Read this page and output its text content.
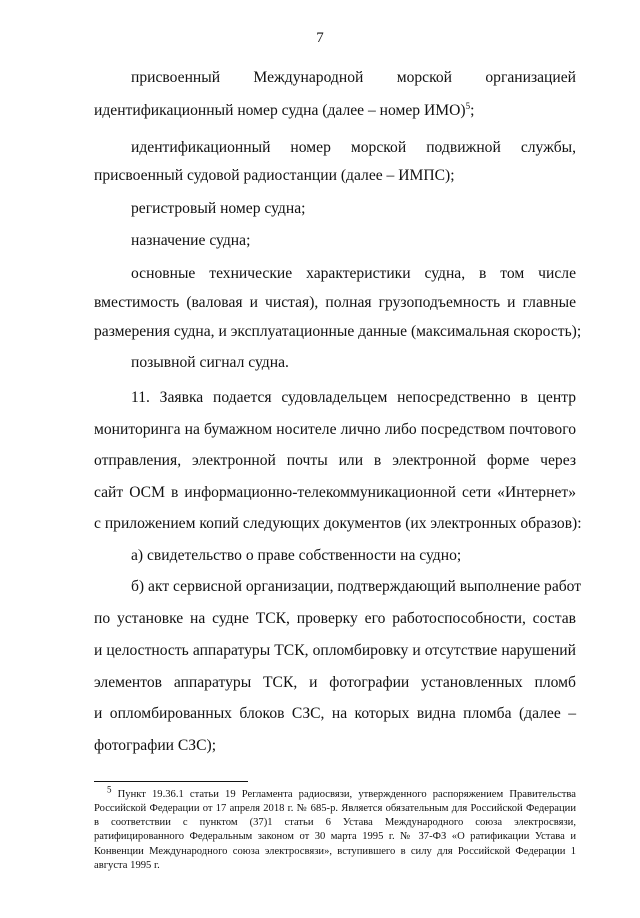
7
присвоенный Международной морской организацией
идентификационный номер судна (далее – номер ИМО)$^5$;
идентификационный номер морской подвижной службы,
присвоенный судовой радиостанции (далее – ИМПС);
регистровый номер судна;
назначение судна;
основные технические характеристики судна, в том числе
вместимость (валовая и чистая), полная грузоподъемность и главные
размерения судна, и эксплуатационные данные (максимальная скорость);
позывной сигнал судна.
11. Заявка подается судовладельцем непосредственно в центр
мониторинга на бумажном носителе лично либо посредством почтового
отправления, электронной почты или в электронной форме через
сайт ОСМ в информационно-телекоммуникационной сети «Интернет»
с приложением копий следующих документов (их электронных образов):
а) свидетельство о праве собственности на судно;
б) акт сервисной организации, подтверждающий выполнение работ
по установке на судне ТСК, проверку его работоспособности, состав
и целостность аппаратуры ТСК, опломбировку и отсутствие нарушений
элементов аппаратуры ТСК, и фотографии установленных пломб
и опломбированных блоков СЗС, на которых видна пломба (далее –
фотографии СЗС);
$^5$ Пункт 19.36.1 статьи 19 Регламента радиосвязи, утвержденного распоряжением Правительства
Российской Федерации от 17 апреля 2018 г. № 685-р. Является обязательным для Российской Федерации
в соответствии с пунктом (37)1 статьи 6 Устава Международного союза электросвязи,
ратифицированного Федеральным законом от 30 марта 1995 г. № 37-ФЗ «О ратификации Устава и
Конвенции Международного союза электросвязи», вступившего в силу для Российской Федерации 1
августа 1995 г.
